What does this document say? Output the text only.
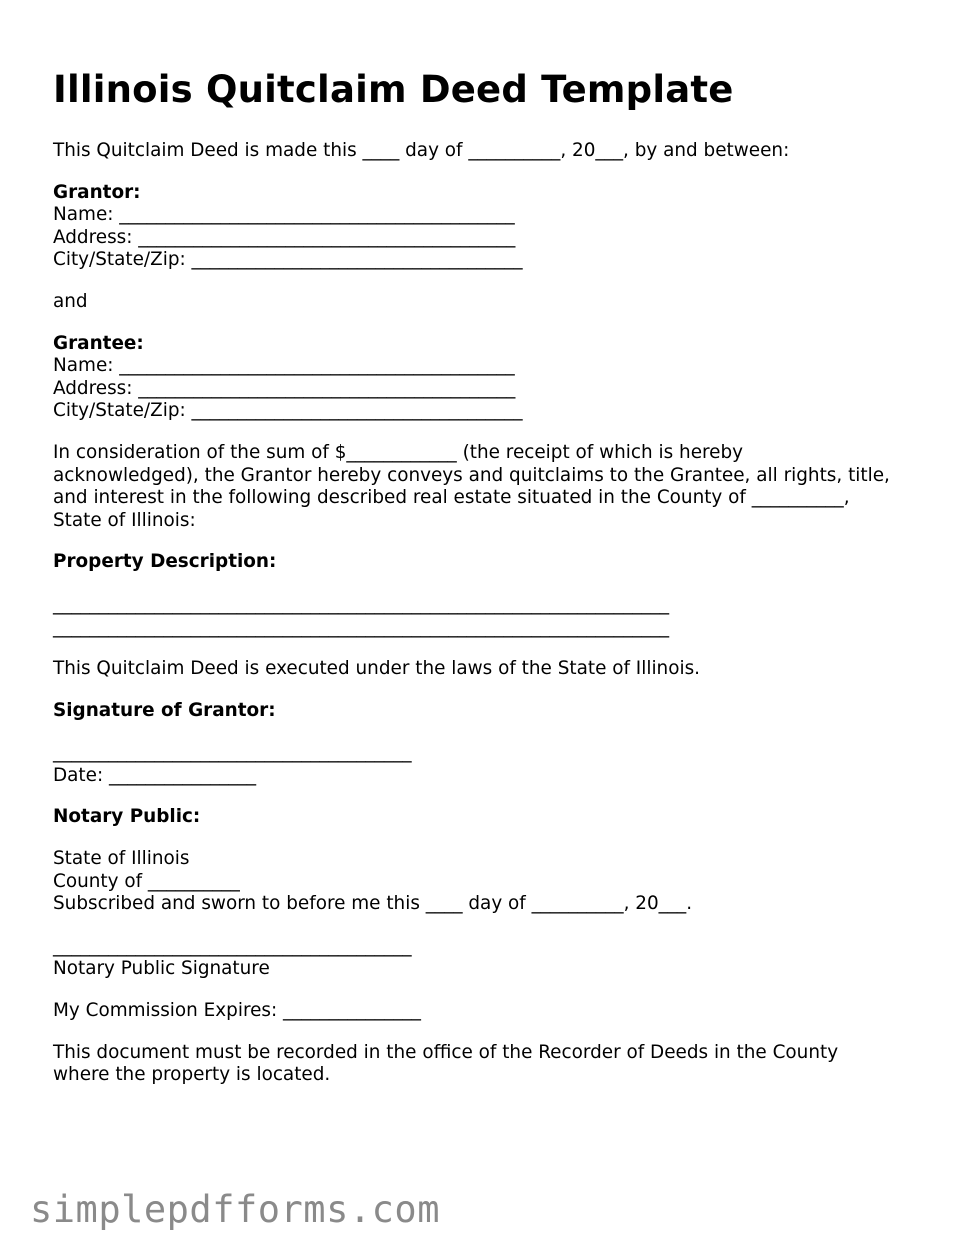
Illinois Quitclaim Deed Template

This Quitclaim Deed is made this ____ day of __________, 20___, by and between:

Grantor:

Name: ___________________________________________

Address: _________________________________________

City/State/Zip: ____________________________________

and

Grantee:

Name: ___________________________________________

Address: _________________________________________

City/State/Zip: ____________________________________

In consideration of the sum of $____________ (the receipt of which is hereby

acknowledged), the Grantor hereby conveys and quitclaims to the Grantee, all rights, title,

and interest in the following described real estate situated in the County of __________,

State of Illinois:

Property Description:

___________________________________________________________________

___________________________________________________________________

This Quitclaim Deed is executed under the laws of the State of Illinois.

Signature of Grantor:

_______________________________________

Date: ________________

Notary Public:

State of Illinois

County of __________

Subscribed and sworn to before me this ____ day of __________, 20___.

_______________________________________

Notary Public Signature

My Commission Expires: _______________

This document must be recorded in the office of the Recorder of Deeds in the County

where the property is located.

simplepdfforms.com
